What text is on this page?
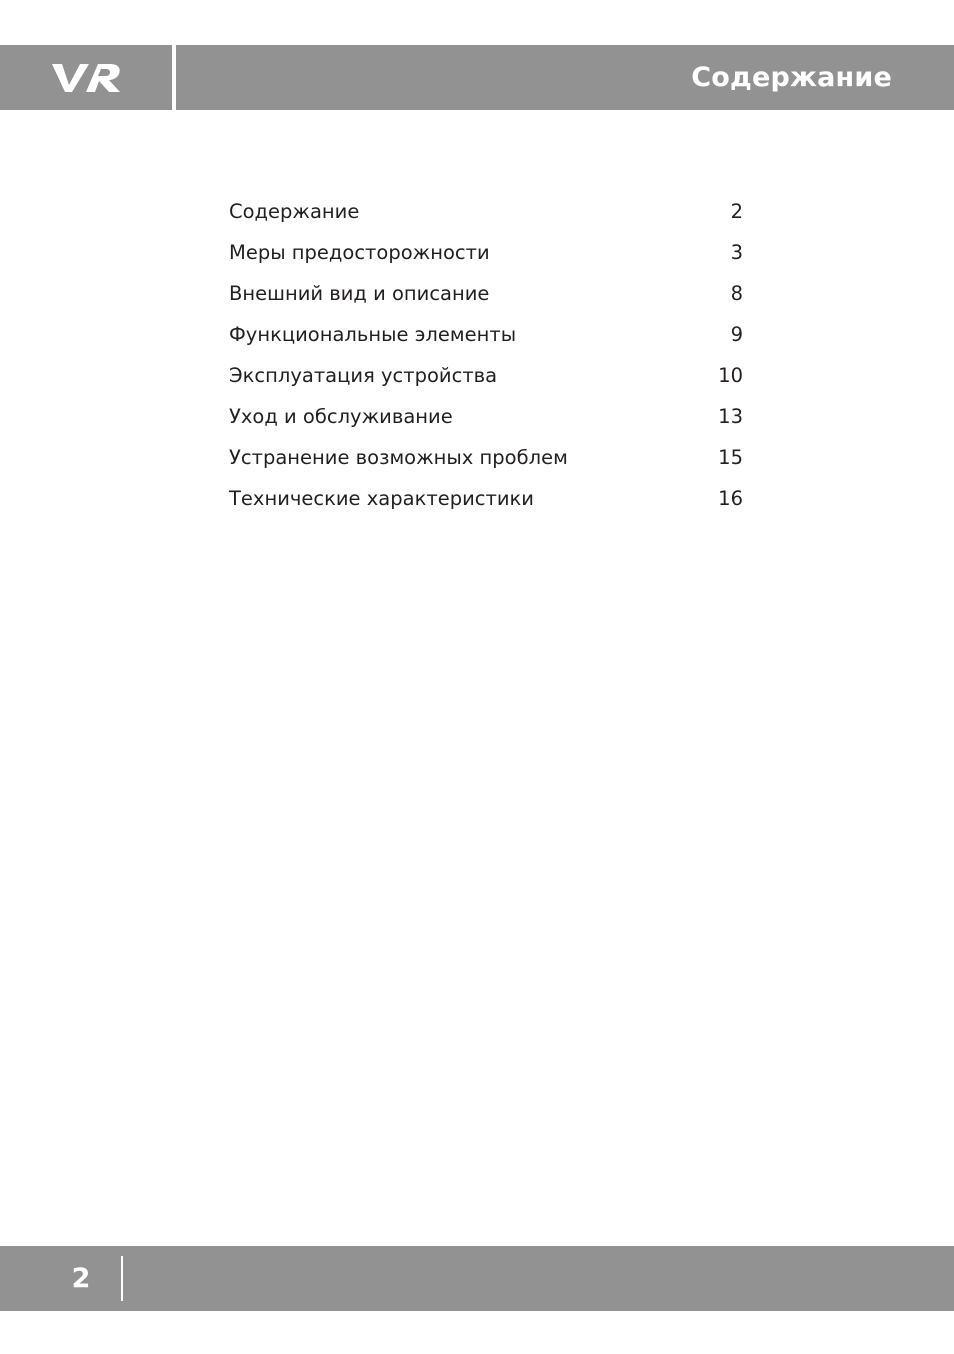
Содержание
Содержание	2
Меры предосторожности	3
Внешний вид и описание	8
Функциональные элементы	9
Эксплуатация устройства	10
Уход и обслуживание	13
Устранение возможных проблем	15
Технические характеристики	16
2
